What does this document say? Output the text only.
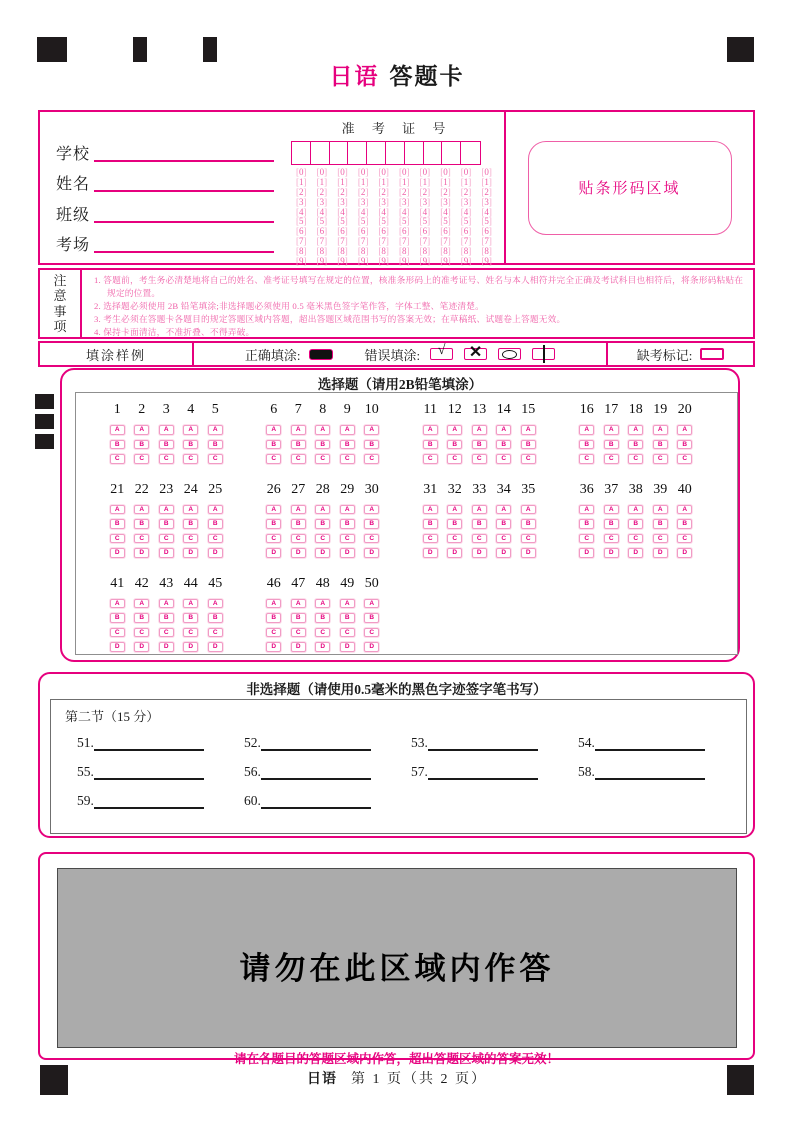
日语 答题卡
学校
姓名
班级
考场
准 考 证 号
[0]	[0]	[0]	[0]	[0]	[0]	[0]	[0]	[0]	[0]
[1]	[1]	[1]	[1]	[1]	[1]	[1]	[1]	[1]	[1]
[2]	[2]	[2]	[2]	[2]	[2]	[2]	[2]	[2]	[2]
[3]	[3]	[3]	[3]	[3]	[3]	[3]	[3]	[3]	[3]
[4]	[4]	[4]	[4]	[4]	[4]	[4]	[4]	[4]	[4]
[5]	[5]	[5]	[5]	[5]	[5]	[5]	[5]	[5]	[5]
[6]	[6]	[6]	[6]	[6]	[6]	[6]	[6]	[6]	[6]
[7]	[7]	[7]	[7]	[7]	[7]	[7]	[7]	[7]	[7]
[8]	[8]	[8]	[8]	[8]	[8]	[8]	[8]	[8]	[8]
[9]	[9]	[9]	[9]	[9]	[9]	[9]	[9]	[9]	[9]
贴条形码区域
注
意
事
项
1. 答题前，考生务必清楚地将自己的姓名、准考证号填写在规定的位置，核准条形码上的准考证号、姓名与本人相符并完全正确及考试科目也相符后，将条形码粘贴在规定的位置。
2. 选择题必须使用 2B 铅笔填涂;非选择题必须使用 0.5 毫米黑色签字笔作答，字体工整、笔迹清楚。
3. 考生必须在答题卡各题目的规定答题区域内答题，超出答题区域范围书写的答案无效；在草稿纸、试题卷上答题无效。
4. 保持卡面清洁，不准折叠、不得弄破。
填涂样例	正确填涂:	错误填涂:	√	✕	缺考标记:
选择题（请用2B铅笔填涂）
1 2 3 4 5
A	A	A	A	A
B	B	B	B	B
C	C	C	C	C
6 7 8 9 10
A	A	A	A	A
B	B	B	B	B
C	C	C	C	C
11 12 13 14 15
A	A	A	A	A
B	B	B	B	B
C	C	C	C	C
16 17 18 19 20
A	A	A	A	A
B	B	B	B	B
C	C	C	C	C
21 22 23 24 25
A	A	A	A	A
B	B	B	B	B
C	C	C	C	C
D	D	D	D	D
26 27 28 29 30
A	A	A	A	A
B	B	B	B	B
C	C	C	C	C
D	D	D	D	D
31 32 33 34 35
A	A	A	A	A
B	B	B	B	B
C	C	C	C	C
D	D	D	D	D
36 37 38 39 40
A	A	A	A	A
B	B	B	B	B
C	C	C	C	C
D	D	D	D	D
41 42 43 44 45
A	A	A	A	A
B	B	B	B	B
C	C	C	C	C
D	D	D	D	D
46 47 48 49 50
A	A	A	A	A
B	B	B	B	B
C	C	C	C	C
D	D	D	D	D
非选择题（请使用0.5毫米的黑色字迹签字笔书写）
第二节（15 分）
51.	52.	53.	54.
55.	56.	57.	58.
59.	60.
请勿在此区域内作答
请在各题目的答题区域内作答，超出答题区域的答案无效！
日语 第 1 页（共 2 页）
